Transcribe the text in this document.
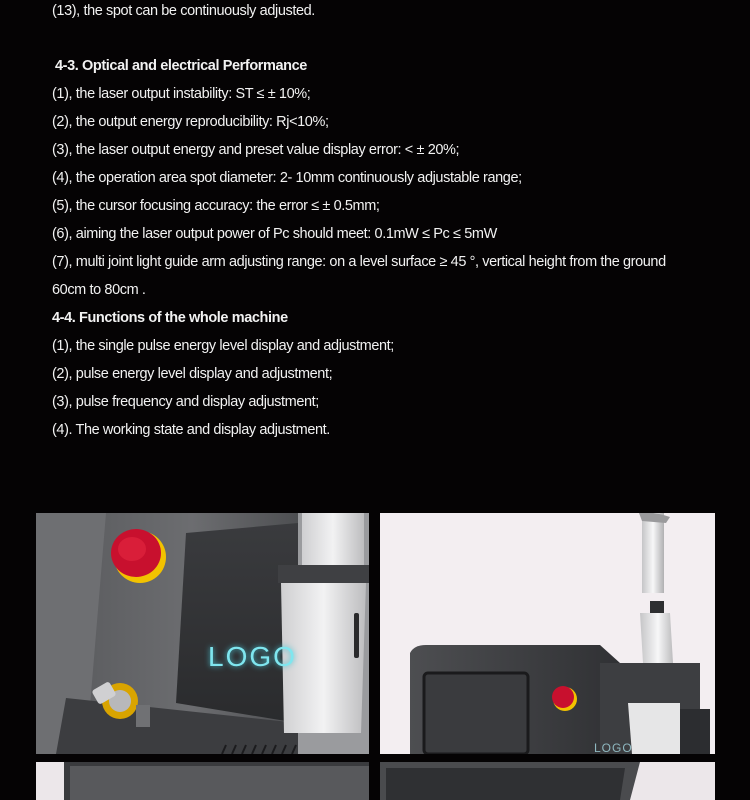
(13), the spot can be continuously adjusted.
4-3. Optical and electrical Performance
(1), the laser output instability: ST ≤ ± 10%;
(2), the output energy reproducibility: Rj<10%;
(3), the laser output energy and preset value display error: < ± 20%;
(4), the operation area spot diameter: 2- 10mm continuously adjustable range;
(5), the cursor focusing accuracy: the error ≤ ± 0.5mm;
(6), aiming the laser output power of Pc should meet: 0.1mW ≤ Pc ≤ 5mW
(7), multi joint light guide arm adjusting range: on a level surface ≥ 45 °, vertical height from the ground
60cm to 80cm .
4-4. Functions of the whole machine
(1), the single pulse energy level display and adjustment;
(2), pulse energy level display and adjustment;
(3), pulse frequency and display adjustment;
(4). The working state and display adjustment.
LOGO
LOGO
